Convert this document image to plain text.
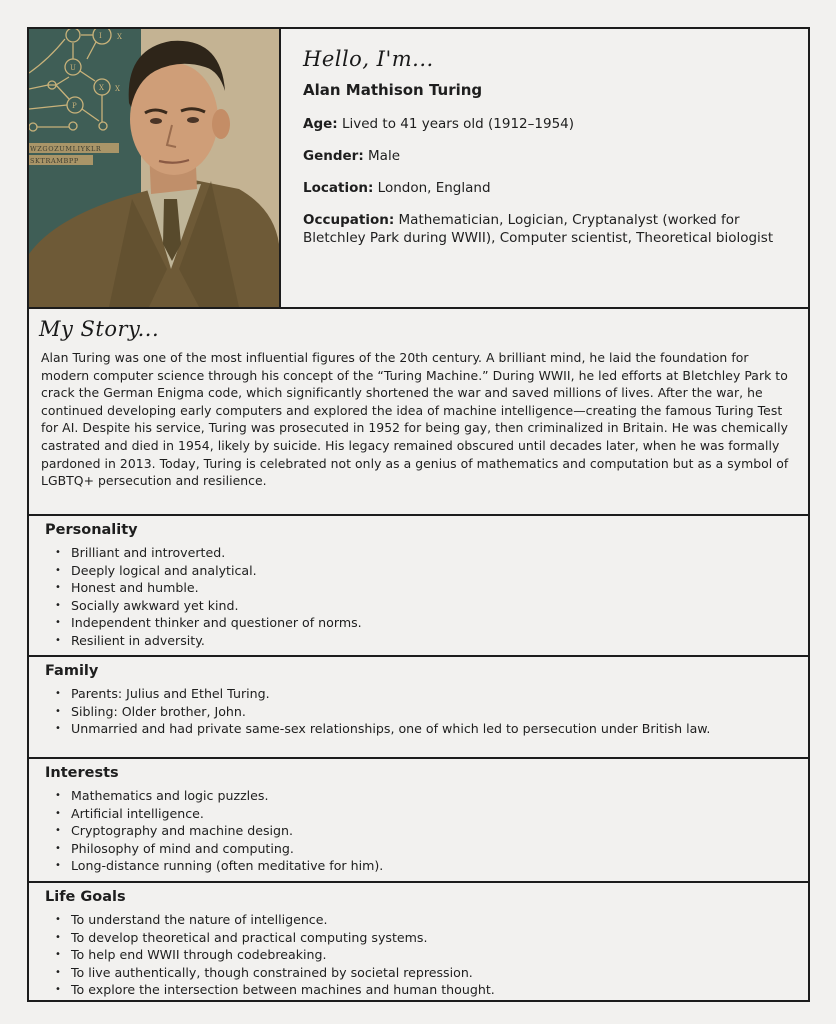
I
U
X
P
X
X
WZGOZUMLIYKLR
SKTRAMBPP
Hello, I'm...
Alan Mathison Turing
Age: Lived to 41 years old (1912–1954)
Gender: Male
Location: London, England
Occupation: Mathematician, Logician, Cryptanalyst (worked for Bletchley Park during WWII), Computer scientist, Theoretical biologist
My Story...

Alan Turing was one of the most influential figures of the 20th century. A brilliant mind, he laid the foundation for modern computer science through his concept of the “Turing Machine.” During WWII, he led efforts at Bletchley Park to crack the German Enigma code, which significantly shortened the war and saved millions of lives. After the war, he continued developing early computers and explored the idea of machine intelligence—creating the famous Turing Test for AI. Despite his service, Turing was prosecuted in 1952 for being gay, then criminalized in Britain. He was chemically castrated and died in 1954, likely by suicide. His legacy remained obscured until decades later, when he was formally pardoned in 2013. Today, Turing is celebrated not only as a genius of mathematics and computation but as a symbol of LGBTQ+ persecution and resilience.

Personality
• Brilliant and introverted.
• Deeply logical and analytical.
• Honest and humble.
• Socially awkward yet kind.
• Independent thinker and questioner of norms.
• Resilient in adversity.
Family
• Parents: Julius and Ethel Turing.
• Sibling: Older brother, John.
• Unmarried and had private same-sex relationships, one of which led to persecution under British law.
Interests
• Mathematics and logic puzzles.
• Artificial intelligence.
• Cryptography and machine design.
• Philosophy of mind and computing.
• Long-distance running (often meditative for him).
Life Goals
• To understand the nature of intelligence.
• To develop theoretical and practical computing systems.
• To help end WWII through codebreaking.
• To live authentically, though constrained by societal repression.
• To explore the intersection between machines and human thought.
